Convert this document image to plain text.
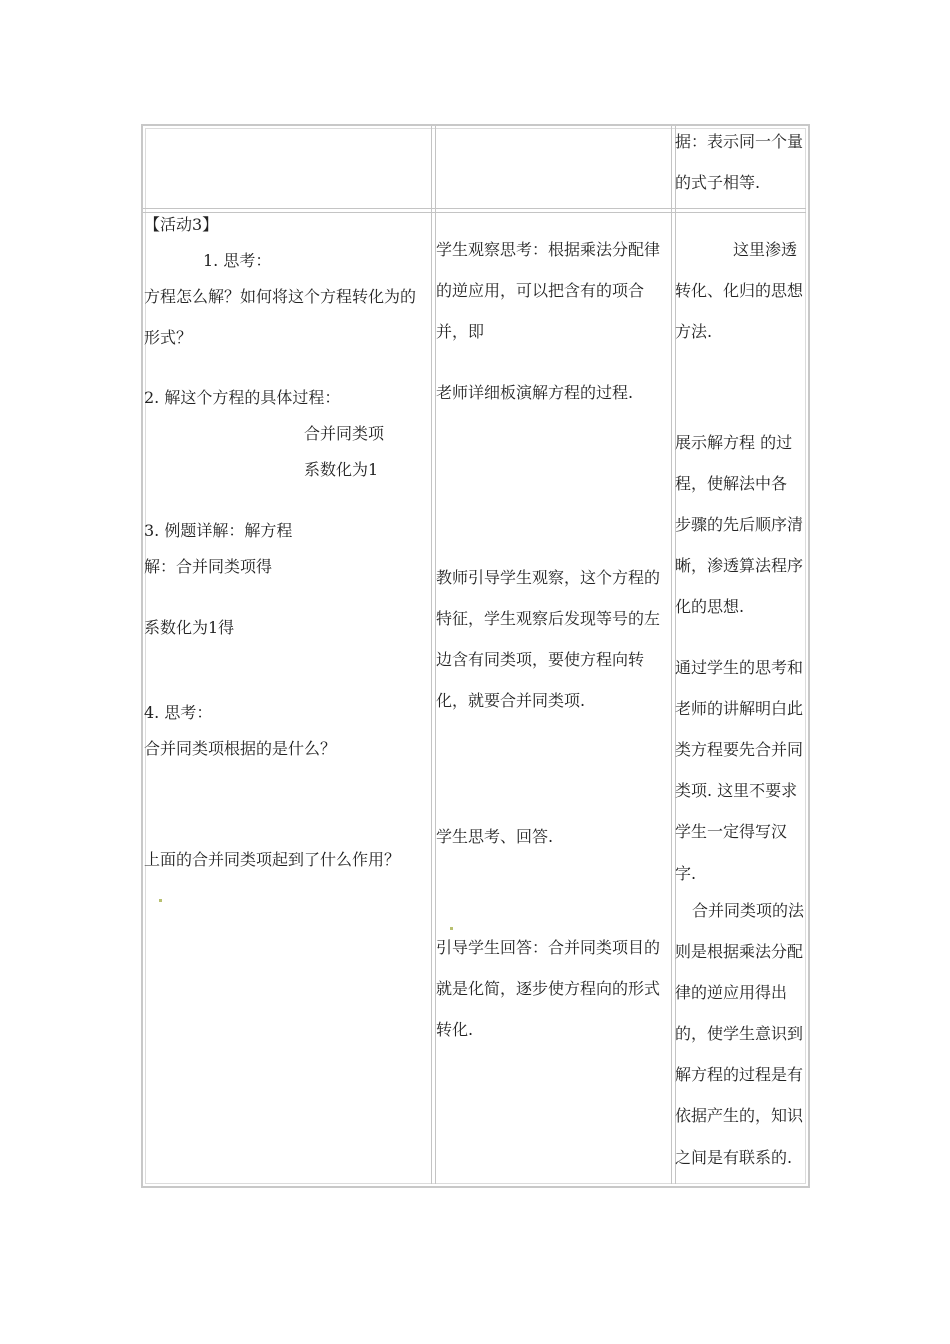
据：表示同一个量
的式子相等.
【活动3】
1. 思考：
方程怎么解？如何将这个方程转化为的
形式？
2. 解这个方程的具体过程：
合并同类项
系数化为1
3. 例题详解：解方程
解：合并同类项得
系数化为1得
4. 思考：
合并同类项根据的是什么？
上面的合并同类项起到了什么作用？
学生观察思考：根据乘法分配律
的逆应用，可以把含有的项合
并，即
老师详细板演解方程的过程.
教师引导学生观察，这个方程的
特征，学生观察后发现等号的左
边含有同类项，要使方程向转
化，就要合并同类项.
学生思考、回答.
引导学生回答：合并同类项目的
就是化简，逐步使方程向的形式
转化.
这里渗透
转化、化归的思想
方法.
展示解方程 的过
程，使解法中各
步骤的先后顺序清
晰，渗透算法程序
化的思想.
通过学生的思考和
老师的讲解明白此
类方程要先合并同
类项. 这里不要求
学生一定得写汉
字.
合并同类项的法
则是根据乘法分配
律的逆应用得出
的，使学生意识到
解方程的过程是有
依据产生的，知识
之间是有联系的.
